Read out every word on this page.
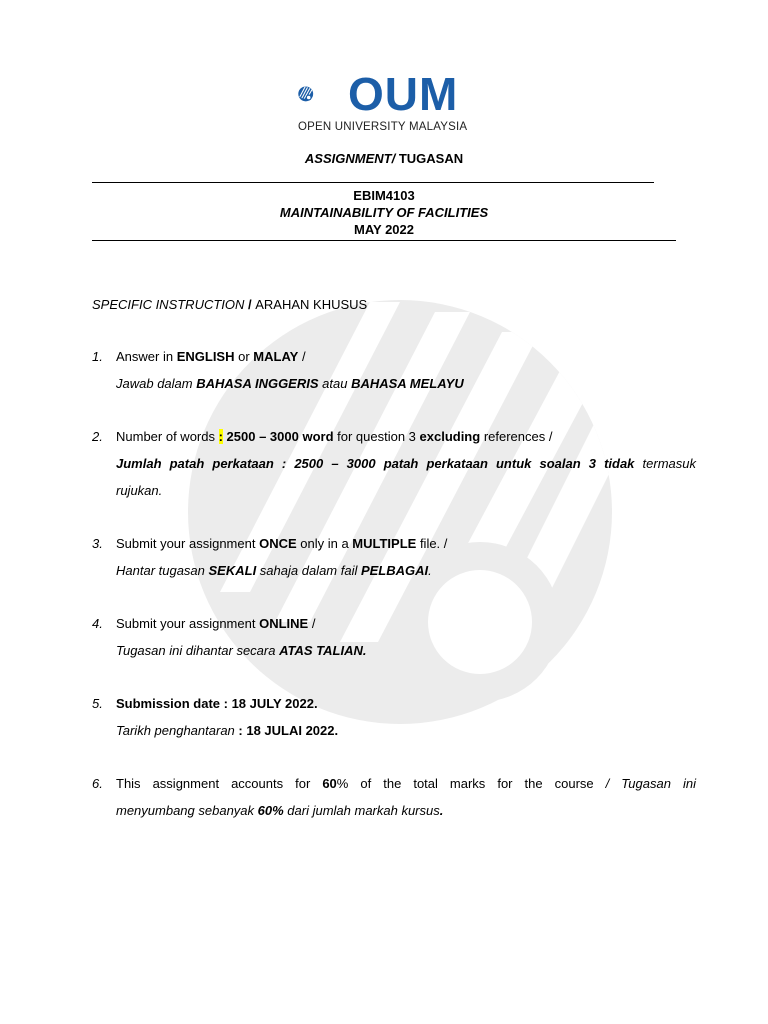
OUM
OPEN UNIVERSITY MALAYSIA
ASSIGNMENT/ TUGASAN
EBIM4103
MAINTAINABILITY OF FACILITIES
MAY 2022
SPECIFIC INSTRUCTION / ARAHAN KHUSUS
1. Answer in ENGLISH or MALAY /
Jawab dalam BAHASA INGGERIS atau BAHASA MELAYU
2. Number of words : 2500 – 3000 word for question 3 excluding references /
Jumlah patah perkataan : 2500 – 3000 patah perkataan untuk soalan 3 tidak termasuk
rujukan.
3. Submit your assignment ONCE only in a MULTIPLE file. /
Hantar tugasan SEKALI sahaja dalam fail PELBAGAI.
4. Submit your assignment ONLINE /
Tugasan ini dihantar secara ATAS TALIAN.
5. Submission date : 18 JULY 2022.
Tarikh penghantaran : 18 JULAI 2022.
6. This assignment accounts for 60% of the total marks for the course / Tugasan ini
menyumbang sebanyak 60% dari jumlah markah kursus.
